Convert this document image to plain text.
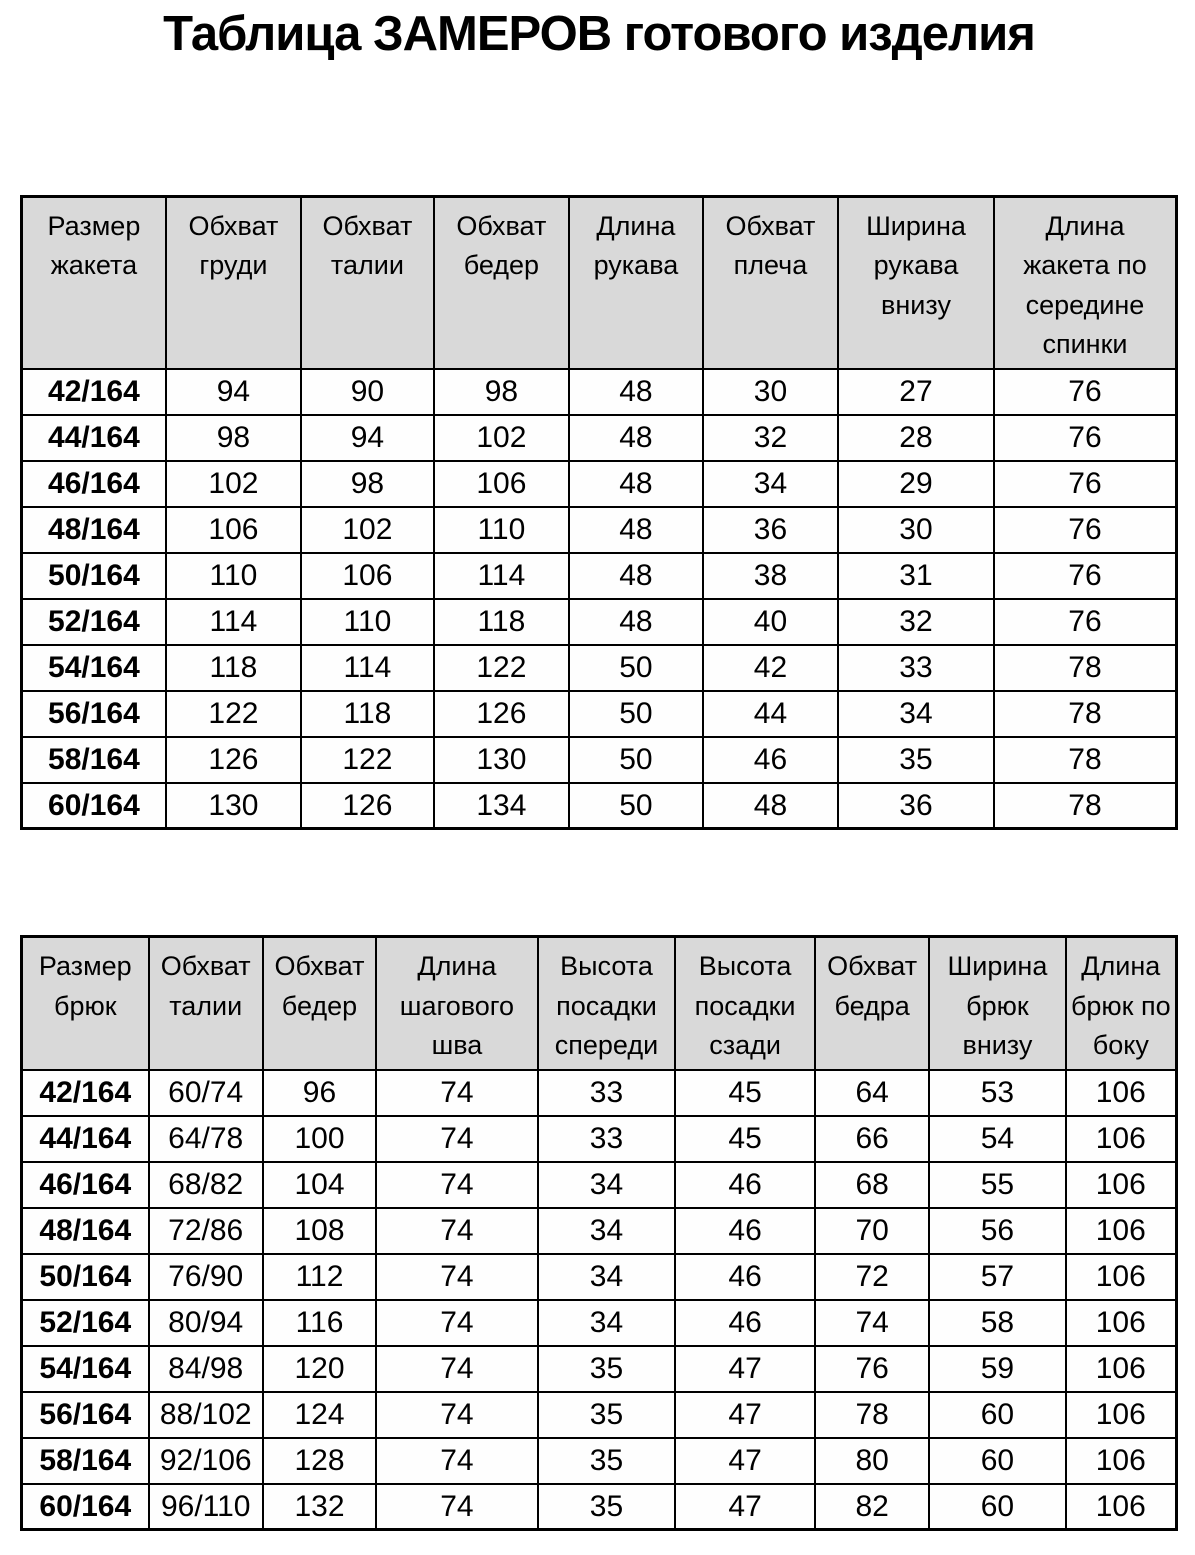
Таблица ЗАМЕРОВ готового изделия
Размер жакета	Обхват груди	Обхват талии	Обхват бедер	Длина рукава	Обхват плеча	Ширина рукава внизу	Длина жакета по середине спинки
42/164	94	90	98	48	30	27	76
44/164	98	94	102	48	32	28	76
46/164	102	98	106	48	34	29	76
48/164	106	102	110	48	36	30	76
50/164	110	106	114	48	38	31	76
52/164	114	110	118	48	40	32	76
54/164	118	114	122	50	42	33	78
56/164	122	118	126	50	44	34	78
58/164	126	122	130	50	46	35	78
60/164	130	126	134	50	48	36	78
Размер брюк	Обхват талии	Обхват бедер	Длина шагового шва	Высота посадки спереди	Высота посадки сзади	Обхват бедра	Ширина брюк внизу	Длина брюк по боку
42/164	60/74	96	74	33	45	64	53	106
44/164	64/78	100	74	33	45	66	54	106
46/164	68/82	104	74	34	46	68	55	106
48/164	72/86	108	74	34	46	70	56	106
50/164	76/90	112	74	34	46	72	57	106
52/164	80/94	116	74	34	46	74	58	106
54/164	84/98	120	74	35	47	76	59	106
56/164	88/102	124	74	35	47	78	60	106
58/164	92/106	128	74	35	47	80	60	106
60/164	96/110	132	74	35	47	82	60	106
